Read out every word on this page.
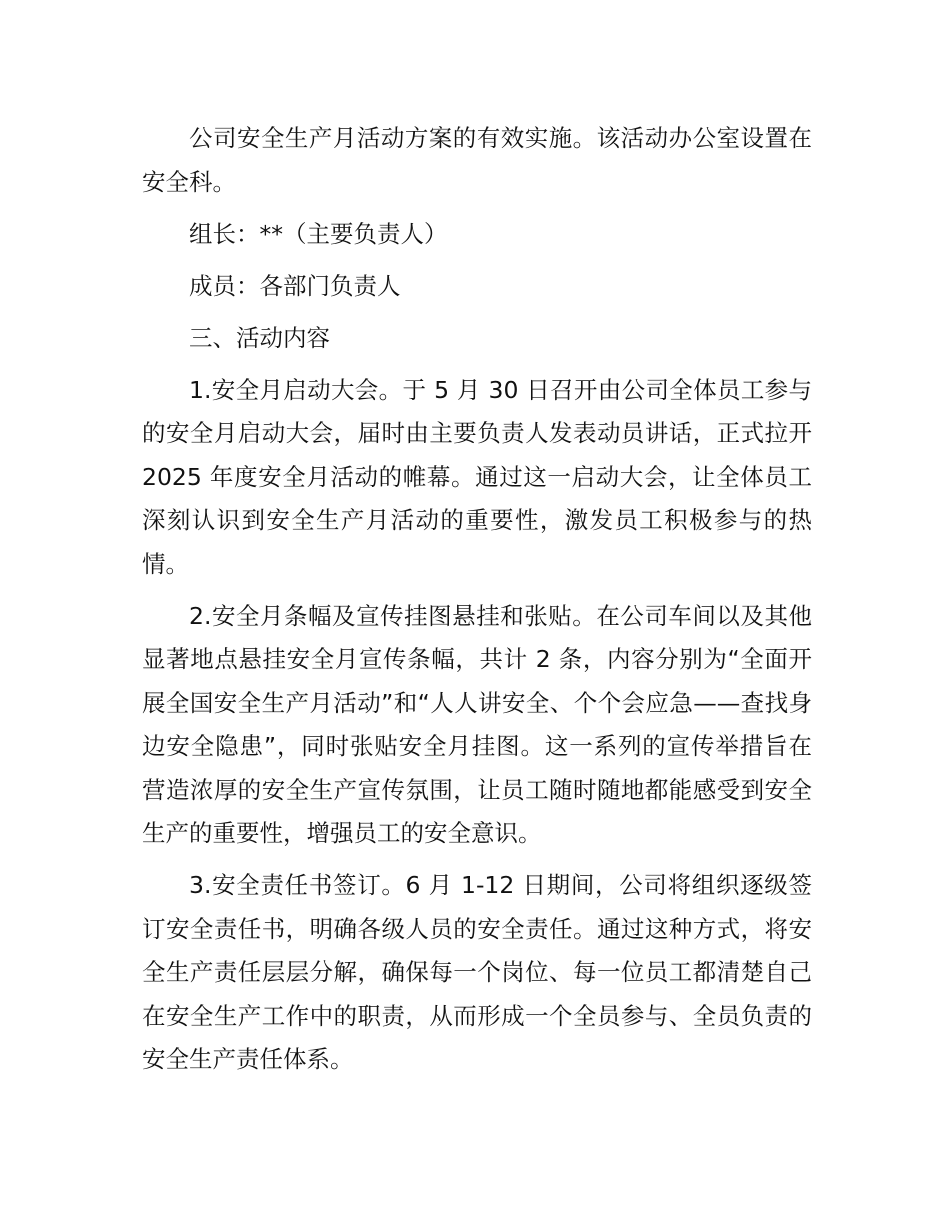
公司安全生产月活动方案的有效实施。该活动办公室设置在安全科。

组长：**（主要负责人）

成员：各部门负责人

三、活动内容

1.安全月启动大会。于 5 月 30 日召开由公司全体员工参与的安全月启动大会，届时由主要负责人发表动员讲话，正式拉开 2025 年度安全月活动的帷幕。通过这一启动大会，让全体员工深刻认识到安全生产月活动的重要性，激发员工积极参与的热情。

2.安全月条幅及宣传挂图悬挂和张贴。在公司车间以及其他显著地点悬挂安全月宣传条幅，共计 2 条，内容分别为“全面开展全国安全生产月活动”和“人人讲安全、个个会应急——查找身边安全隐患”，同时张贴安全月挂图。这一系列的宣传举措旨在营造浓厚的安全生产宣传氛围，让员工随时随地都能感受到安全生产的重要性，增强员工的安全意识。

3.安全责任书签订。6 月 1-12 日期间，公司将组织逐级签订安全责任书，明确各级人员的安全责任。通过这种方式，将安全生产责任层层分解，确保每一个岗位、每一位员工都清楚自己在安全生产工作中的职责，从而形成一个全员参与、全员负责的安全生产责任体系。
